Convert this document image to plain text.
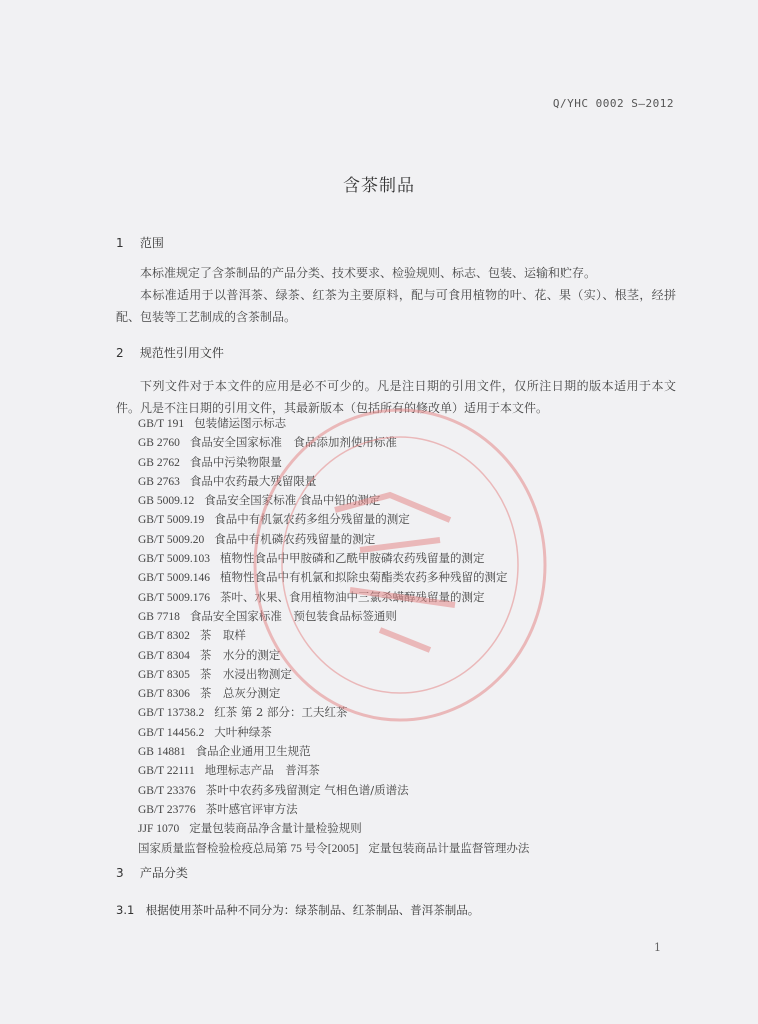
Q/YHC 0002 S—2012
含茶制品
1 范围

本标准规定了含茶制品的产品分类、技术要求、检验规则、标志、包装、运输和贮存。

本标准适用于以普洱茶、绿茶、红茶为主要原料，配与可食用植物的叶、花、果（实）、根茎，经拼配、包装等工艺制成的含茶制品。

2 规范性引用文件

下列文件对于本文件的应用是必不可少的。凡是注日期的引用文件，仅所注日期的版本适用于本文件。凡是不注日期的引用文件，其最新版本（包括所有的修改单）适用于本文件。

GB/T 191 包装储运图示标志
GB 2760 食品安全国家标准　食品添加剂使用标准
GB 2762 食品中污染物限量
GB 2763 食品中农药最大残留限量
GB 5009.12 食品安全国家标准 食品中铅的测定
GB/T 5009.19 食品中有机氯农药多组分残留量的测定
GB/T 5009.20 食品中有机磷农药残留量的测定
GB/T 5009.103 植物性食品中甲胺磷和乙酰甲胺磷农药残留量的测定
GB/T 5009.146 植物性食品中有机氯和拟除虫菊酯类农药多种残留的测定
GB/T 5009.176 茶叶、水果、食用植物油中三氯杀螨醇残留量的测定
GB 7718 食品安全国家标准　预包装食品标签通则
GB/T 8302 茶　取样
GB/T 8304 茶　水分的测定
GB/T 8305 茶　水浸出物测定
GB/T 8306 茶　总灰分测定
GB/T 13738.2 红茶 第 2 部分：工夫红茶
GB/T 14456.2 大叶种绿茶
GB 14881 食品企业通用卫生规范
GB/T 22111 地理标志产品　普洱茶
GB/T 23376 茶叶中农药多残留测定 气相色谱/质谱法
GB/T 23776 茶叶感官评审方法
JJF 1070 定量包装商品净含量计量检验规则
国家质量监督检验检疫总局第 75 号令[2005] 定量包装商品计量监督管理办法
3 产品分类
3.1　根据使用茶叶品种不同分为：绿茶制品、红茶制品、普洱茶制品。
1
